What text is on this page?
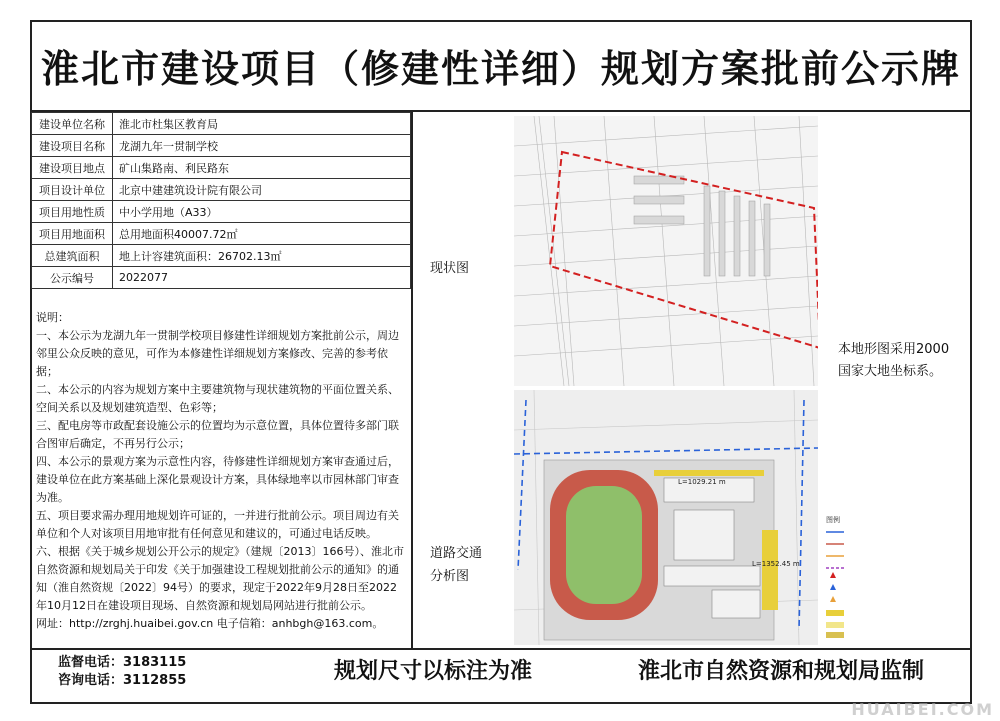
淮北市建设项目（修建性详细）规划方案批前公示牌
建设单位名称	淮北市杜集区教育局
建设项目名称	龙湖九年一贯制学校
建设项目地点	矿山集路南、利民路东
项目设计单位	北京中建建筑设计院有限公司
项目用地性质	中小学用地（A33）
项目用地面积	总用地面积40007.72㎡
总建筑面积	地上计容建筑面积：26702.13㎡
公示编号	2022077

说明：

一、本公示为龙湖九年一贯制学校项目修建性详细规划方案批前公示，周边邻里公众反映的意见，可作为本修建性详细规划方案修改、完善的参考依据；

二、本公示的内容为规划方案中主要建筑物与现状建筑物的平面位置关系、空间关系以及规划建筑造型、色彩等；

三、配电房等市政配套设施公示的位置均为示意位置，具体位置待多部门联合图审后确定，不再另行公示；

四、本公示的景观方案为示意性内容，待修建性详细规划方案审查通过后，建设单位在此方案基础上深化景观设计方案，具体绿地率以市园林部门审查为准。

五、项目要求需办理用地规划许可证的，一并进行批前公示。项目周边有关单位和个人对该项目用地审批有任何意见和建议的，可通过电话反映。

六、根据《关于城乡规划公开公示的规定》（建规〔2013〕166号）、淮北市自然资源和规划局关于印发《关于加强建设工程规划批前公示的通知》的通知（淮自然资规〔2022〕94号）的要求，现定于2022年9月28日至2022年10月12日在建设项目现场、自然资源和规划局网站进行批前公示。

网址：http://zrghj.huaibei.gov.cn 电子信箱：anhbgh@163.com。

现状图
本地形图采用2000
国家大地坐标系。
道路交通
分析图
L=1029.21 m
L=1352.45 m
图例
监督电话：3183115
咨询电话：3112855	规划尺寸以标注为准	淮北市自然资源和规划局监制
HUAIBEI.COM
